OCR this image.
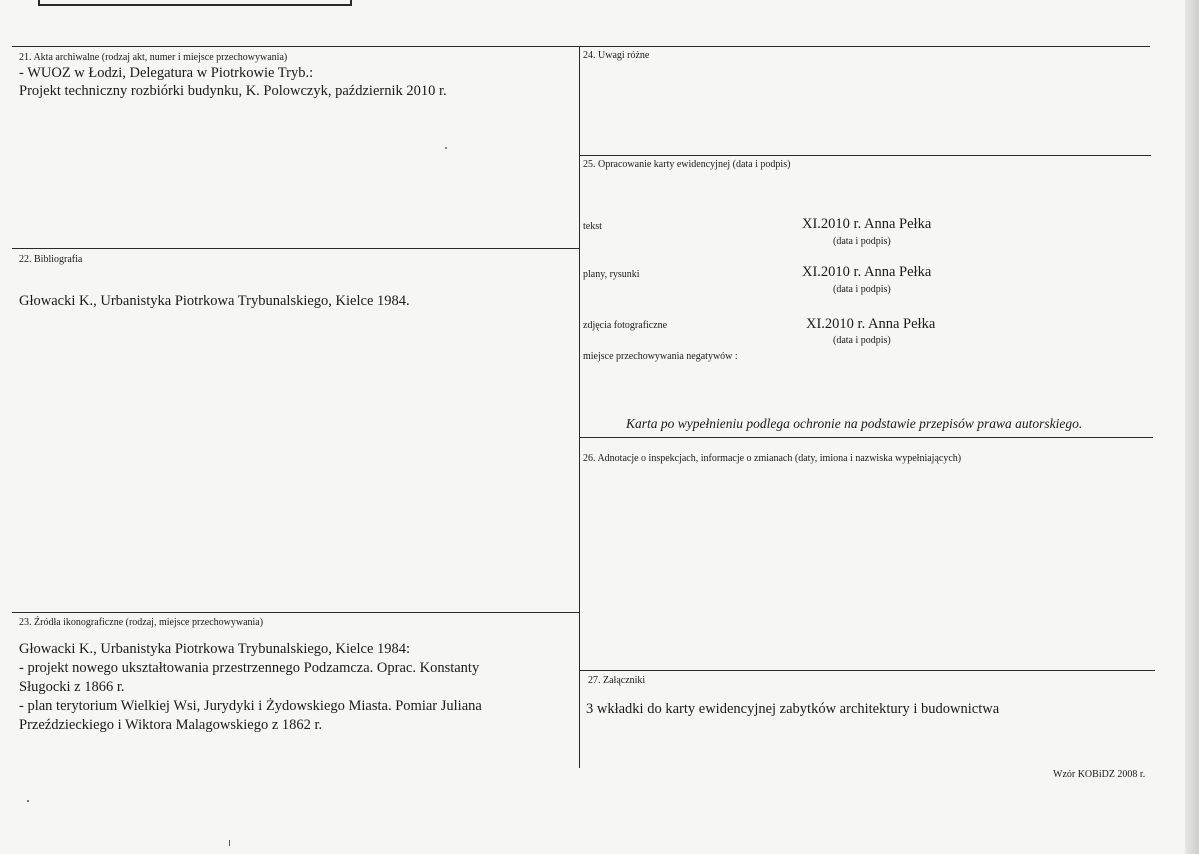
21. Akta archiwalne (rodzaj akt, numer i miejsce przechowywania)
- WUOZ w Łodzi, Delegatura w Piotrkowie Tryb.:
Projekt techniczny rozbiórki budynku, K. Polowczyk, październik 2010 r.
22. Bibliografia
Głowacki K., Urbanistyka Piotrkowa Trybunalskiego, Kielce 1984.
23. Źródła ikonograficzne (rodzaj, miejsce przechowywania)
Głowacki K., Urbanistyka Piotrkowa Trybunalskiego, Kielce 1984:
- projekt nowego ukształtowania przestrzennego Podzamcza. Oprac. Konstanty
Sługocki z 1866 r.
- plan terytorium Wielkiej Wsi, Jurydyki i Żydowskiego Miasta. Pomiar Juliana
Przeździeckiego i Wiktora Malagowskiego z 1862 r.
24. Uwagi różne
25. Opracowanie karty ewidencyjnej (data i podpis)
tekst	XI.2010 r. Anna Pełka
(data i podpis)
plany, rysunki	XI.2010 r. Anna Pełka
(data i podpis)
zdjęcia fotograficzne	XI.2010 r. Anna Pełka
(data i podpis)
miejsce przechowywania negatywów :
Karta po wypełnieniu podlega ochronie na podstawie przepisów prawa autorskiego.
26. Adnotacje o inspekcjach, informacje o zmianach (daty, imiona i nazwiska wypełniających)
27. Załączniki
3 wkładki do karty ewidencyjnej zabytków architektury i budownictwa
Wzór KOBiDZ 2008 r.
